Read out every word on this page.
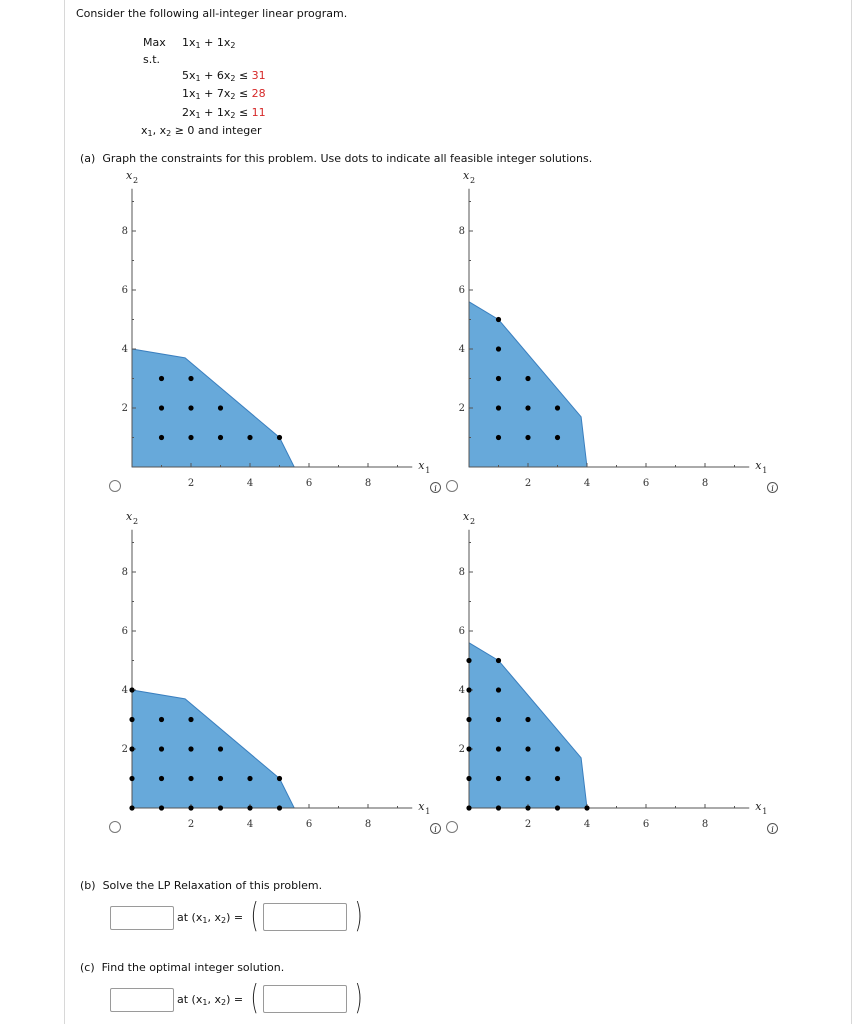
Consider the following all-integer linear program.
Max $1x_1 + 1x_2$
s.t.
$5x_1 + 6x_2 \le 31$
$1x_1 + 7x_2 \le 28$
$2x_1 + 1x_2 \le 11$
$x_1$, $x_2 \ge 0$ and integer
(a) Graph the constraints for this problem. Use dots to indicate all feasible integer solutions.
2
2
4
4
6
6
8
8
x 1
x 2
2
2
4
4
6
6
8
8
x 1
x 2
2
2
4
4
6
6
8
8
x 1
x 2
2
2
4
4
6
6
8
8
x 1
x 2
i	i
i	i
(b) Solve the LP Relaxation of this problem.
at ($x_1$, $x_2$) = (	)
(c) Find the optimal integer solution.
at ($x_1$, $x_2$) = (	)
